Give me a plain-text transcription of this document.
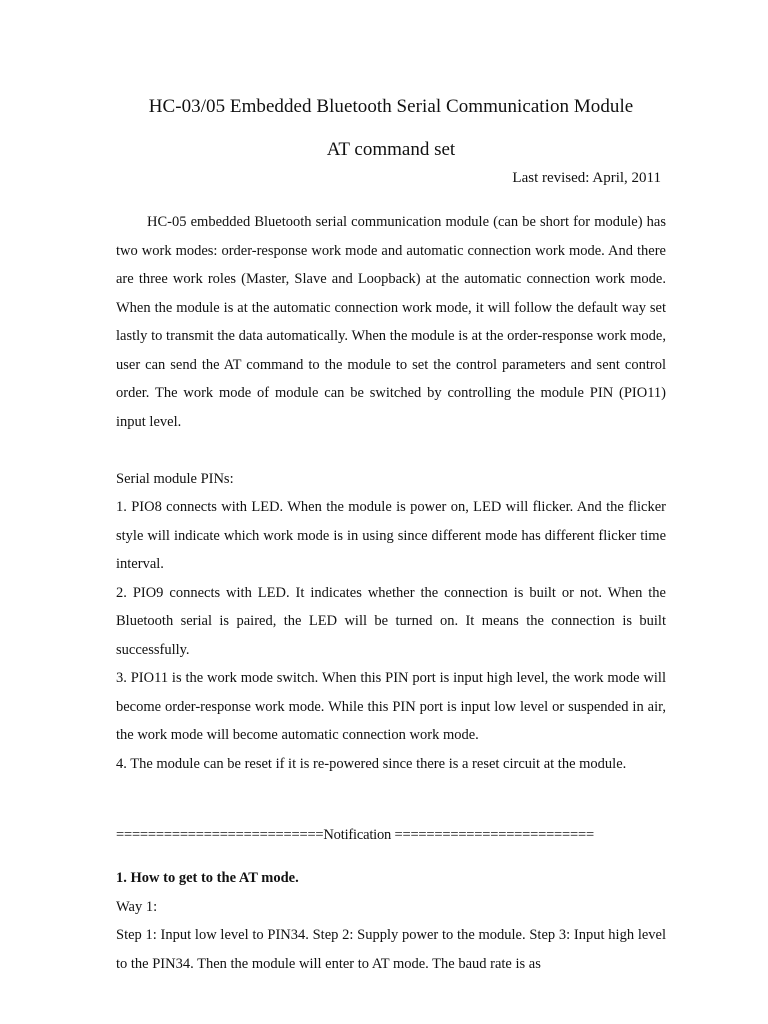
HC-03/05 Embedded Bluetooth Serial Communication Module
AT command set

Last revised: April, 2011

HC-05 embedded Bluetooth serial communication module (can be short for module) has two work modes: order-response work mode and automatic connection work mode. And there are three work roles (Master, Slave and Loopback) at the automatic connection work mode. When the module is at the automatic connection work mode, it will follow the default way set lastly to transmit the data automatically. When the module is at the order-response work mode, user can send the AT command to the module to set the control parameters and sent control order. The work mode of module can be switched by controlling the module PIN (PIO11) input level.

Serial module PINs:

1. PIO8 connects with LED. When the module is power on, LED will flicker. And the flicker style will indicate which work mode is in using since different mode has different flicker time interval.

2. PIO9 connects with LED. It indicates whether the connection is built or not. When the Bluetooth serial is paired, the LED will be turned on. It means the connection is built successfully.

3. PIO11 is the work mode switch. When this PIN port is input high level, the work mode will become order-response work mode. While this PIN port is input low level or suspended in air, the work mode will become automatic connection work mode.

4. The module can be reset if it is re-powered since there is a reset circuit at the module.

==========================Notification =========================

1. How to get to the AT mode.

Way 1:

Step 1: Input low level to PIN34. Step 2: Supply power to the module. Step 3: Input high level to the PIN34. Then the module will enter to AT mode. The baud rate is as
